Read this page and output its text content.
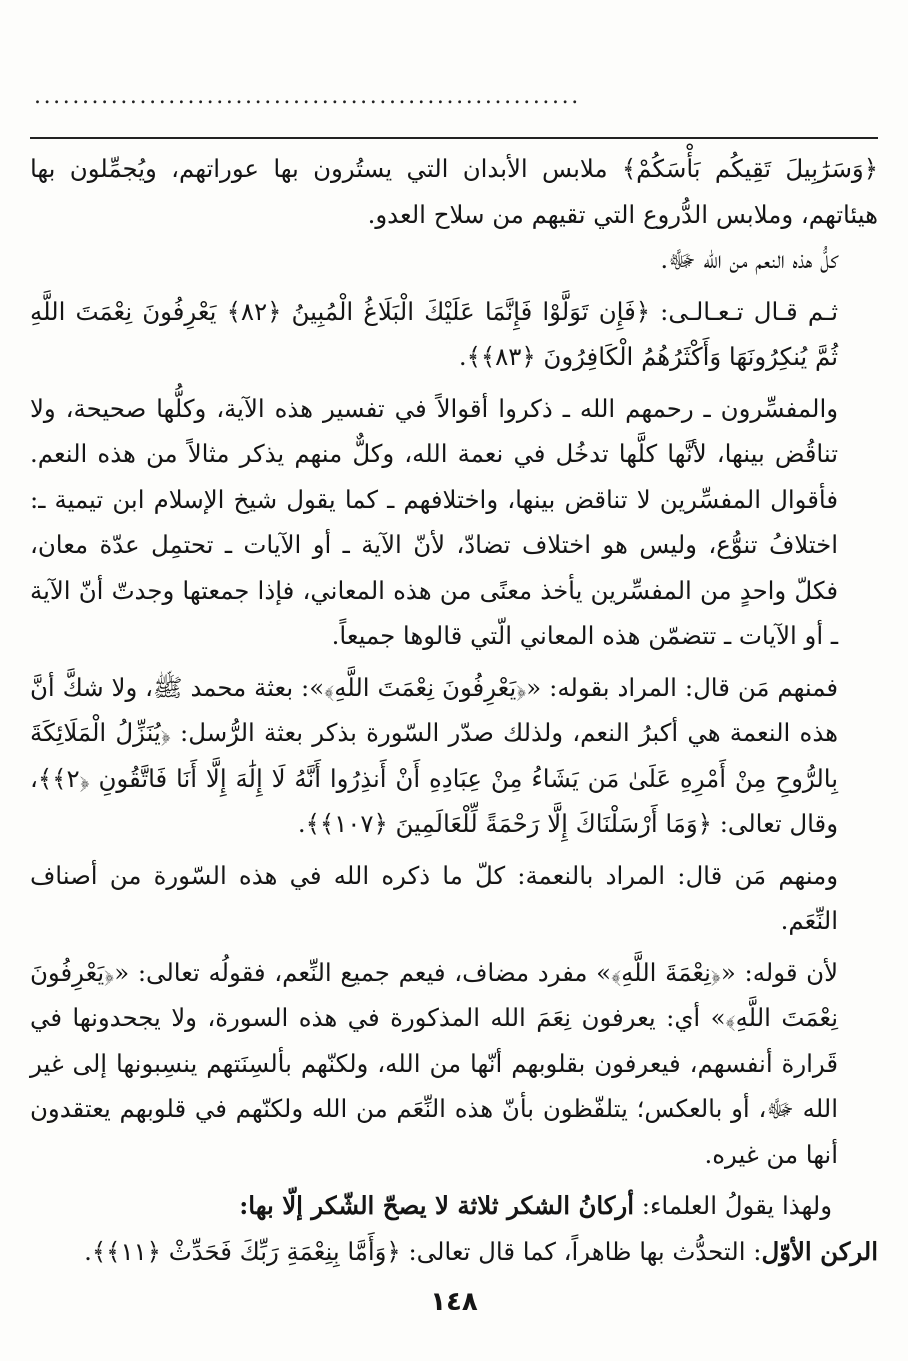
.........................................................

﴿وَسَرَٰبِيلَ تَقِيكُم بَأْسَكُمْ﴾ ملابس الأبدان التي يستُرون بها عوراتهم، ويُجمِّلون بها هيئاتهم، وملابس الدُّروع التي تقيهم من سلاح العدو.

كلُّ هذه النعم من الله ﷻ.

ثـم قـال تـعـالـى: ﴿فَإِن تَوَلَّوْا فَإِنَّمَا عَلَيْكَ الْبَلَاغُ الْمُبِينُ ﴿٨٢﴾ يَعْرِفُونَ نِعْمَتَ اللَّهِ ثُمَّ يُنكِرُونَهَا وَأَكْثَرُهُمُ الْكَافِرُونَ ﴿٨٣﴾﴾.

والمفسِّرون ـ رحمهم الله ـ ذكروا أقوالاً في تفسير هذه الآية، وكلُّها صحيحة، ولا تناقُض بينها، لأنَّها كلَّها تدخُل في نعمة الله، وكلٌّ منهم يذكر مثالاً من هذه النعم. فأقوال المفسِّرين لا تناقض بينها، واختلافهم ـ كما يقول شيخ الإسلام ابن تيمية ـ: اختلافُ تنوُّع، وليس هو اختلاف تضادّ، لأنّ الآية ـ أو الآيات ـ تحتمِل عدّة معان، فكلّ واحدٍ من المفسِّرين يأخذ معنًى من هذه المعاني، فإذا جمعتها وجدتّ أنّ الآية ـ أو الآيات ـ تتضمّن هذه المعاني الّتي قالوها جميعاً.

فمنهم مَن قال: المراد بقوله: «﴿يَعْرِفُونَ نِعْمَتَ اللَّهِ﴾»: بعثة محمد ﷺ، ولا شكَّ أنَّ هذه النعمة هي أكبرُ النعم، ولذلك صدّر السّورة بذكر بعثة الرُّسل: ﴿يُنَزِّلُ الْمَلَائِكَةَ بِالرُّوحِ مِنْ أَمْرِهِ عَلَىٰ مَن يَشَاءُ مِنْ عِبَادِهِ أَنْ أَنذِرُوا أَنَّهُ لَا إِلَٰهَ إِلَّا أَنَا فَاتَّقُونِ ﴿٢﴾﴾، وقال تعالى: ﴿وَمَا أَرْسَلْنَاكَ إِلَّا رَحْمَةً لِّلْعَالَمِينَ ﴿١٠٧﴾﴾.

ومنهم مَن قال: المراد بالنعمة: كلّ ما ذكره الله في هذه السّورة من أصناف النِّعَم.

لأن قوله: «﴿نِعْمَةَ اللَّهِ﴾» مفرد مضاف، فيعم جميع النِّعم، فقولُه تعالى: «﴿يَعْرِفُونَ نِعْمَتَ اللَّهِ﴾» أي: يعرفون نِعَمَ الله المذكورة في هذه السورة، ولا يجحدونها في قَرارة أنفسهم، فيعرفون بقلوبهم أنّها من الله، ولكنّهم بألسِنَتهم ينسِبونها إلى غير الله ﷻ، أو بالعكس؛ يتلفّظون بأنّ هذه النِّعَم من الله ولكنّهم في قلوبهم يعتقدون أنها من غيره.

ولهذا يقولُ العلماء: أركانُ الشكر ثلاثة لا يصحّ الشّكر إلّا بها:

الركن الأوّل: التحدُّث بها ظاهراً، كما قال تعالى: ﴿وَأَمَّا بِنِعْمَةِ رَبِّكَ فَحَدِّثْ ﴿١١﴾﴾.

١٤٨
